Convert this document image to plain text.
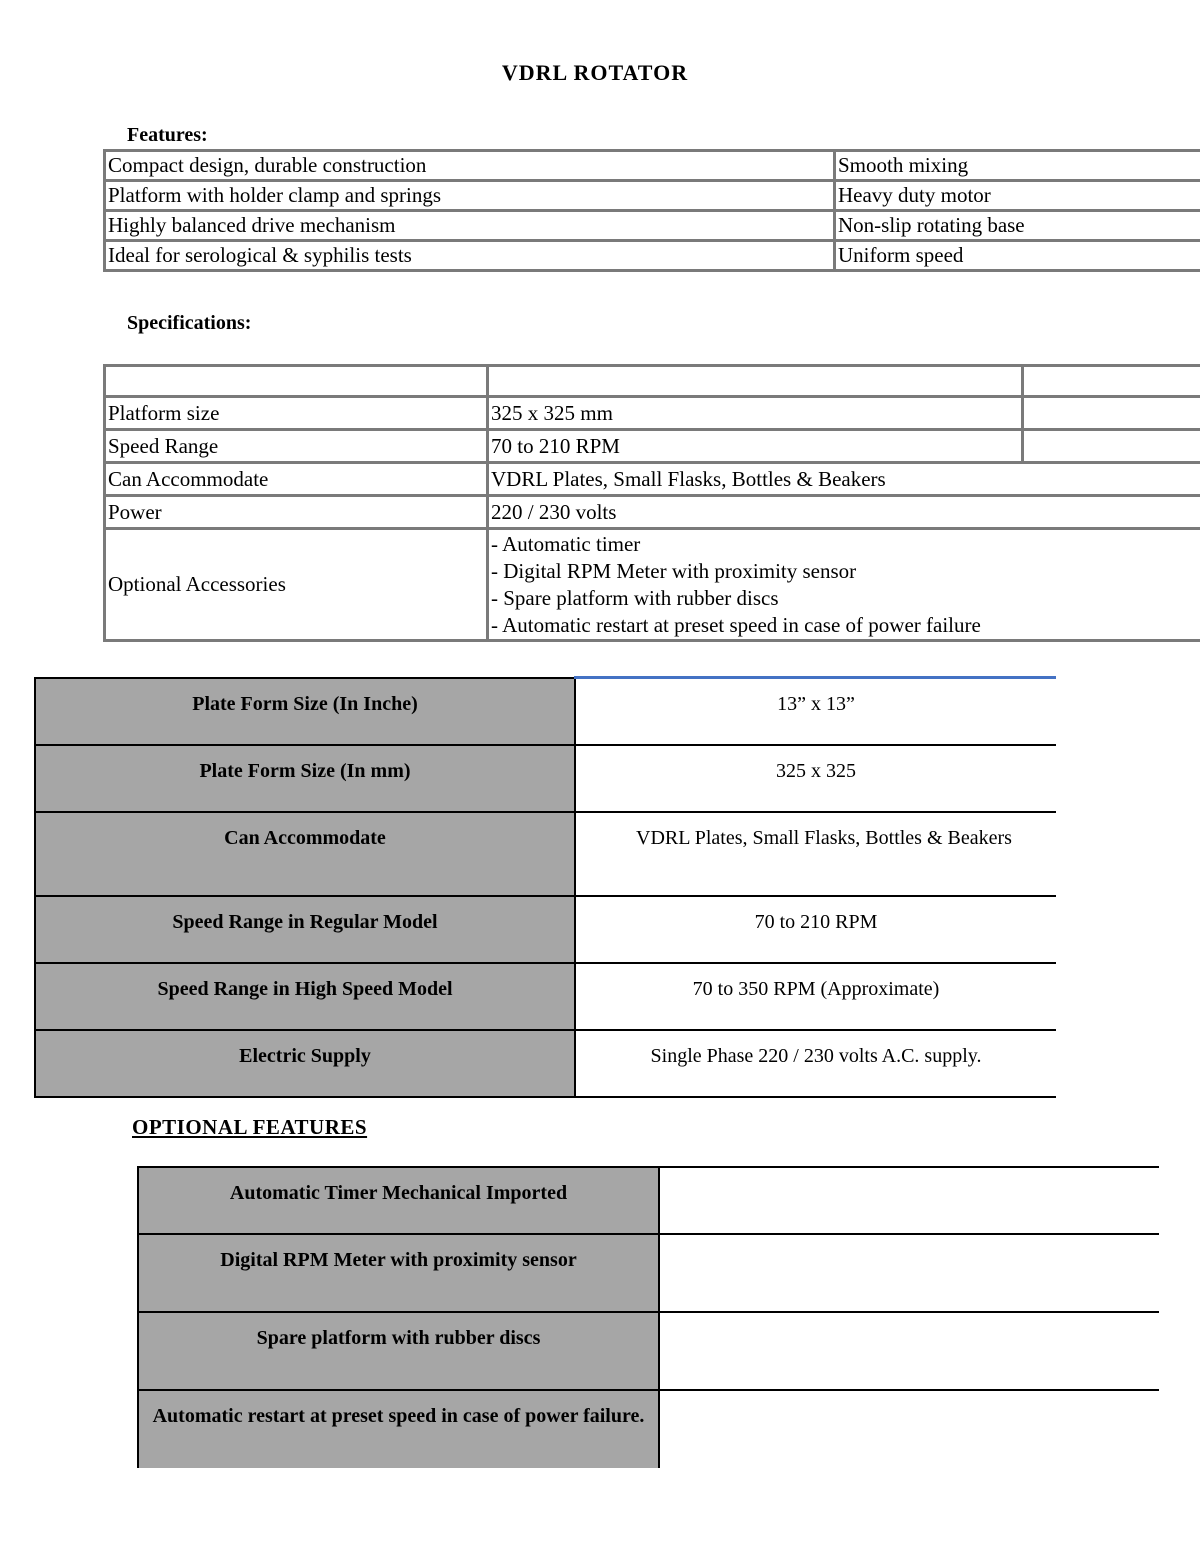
VDRL ROTATOR
Features:
Compact design, durable construction	Smooth mixing
Platform with holder clamp and springs	Heavy duty motor
Highly balanced drive mechanism	Non-slip rotating base
Ideal for serological & syphilis tests	Uniform speed
Specifications:

Platform size	325 x 325 mm	
Speed Range	70 to 210 RPM	
Can Accommodate	VDRL Plates, Small Flasks, Bottles & Beakers	
Power	220 / 230 volts	
Optional Accessories	- Automatic timer
- Digital RPM Meter with proximity sensor
- Spare platform with rubber discs
- Automatic restart at preset speed in case of power failure	
Plate Form Size (In Inche)	13” x 13”
Plate Form Size (In mm)	325 x 325
Can Accommodate	VDRL Plates, Small Flasks, Bottles & Beakers
Speed Range in Regular Model	70 to 210 RPM
Speed Range in High Speed Model	70 to 350 RPM (Approximate)
Electric Supply	Single Phase 220 / 230 volts A.C. supply.
OPTIONAL FEATURES
Automatic Timer Mechanical Imported	
Digital RPM Meter with proximity sensor	
Spare platform with rubber discs	
Automatic restart at preset speed in case of power failure.	
